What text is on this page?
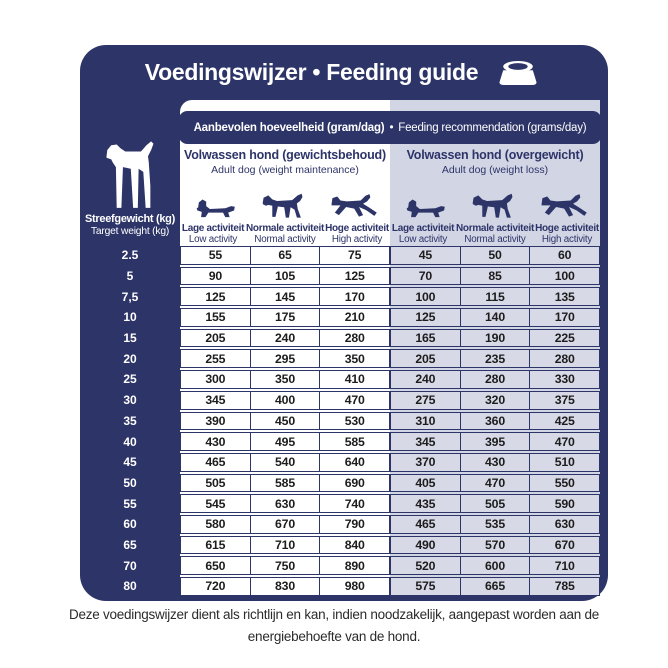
Voedingswijzer • Feeding guide
Aanbevolen hoeveelheid (gram/dag) • Feeding recommendation (grams/day)
Volwassen hond (gewichtsbehoud)
Adult dog (weight maintenance)
Volwassen hond (overgewicht)
Adult dog (weight loss)
Lage activiteit
Low activity
Normale activiteit
Normal activity
Hoge activiteit
High activity
Lage activiteit
Low activity
Normale activiteit
Normal activity
Hoge activiteit
High activity
Streefgewicht (kg)
Target weight (kg)
2.5	55	65	75	45	50	60
5	90	105	125	70	85	100
7,5	125	145	170	100	115	135
10	155	175	210	125	140	170
15	205	240	280	165	190	225
20	255	295	350	205	235	280
25	300	350	410	240	280	330
30	345	400	470	275	320	375
35	390	450	530	310	360	425
40	430	495	585	345	395	470
45	465	540	640	370	430	510
50	505	585	690	405	470	550
55	545	630	740	435	505	590
60	580	670	790	465	535	630
65	615	710	840	490	570	670
70	650	750	890	520	600	710
80	720	830	980	575	665	785

Deze voedingswijzer dient als richtlijn en kan, indien noodzakelijk, aangepast worden aan de energiebehoefte van de hond.
